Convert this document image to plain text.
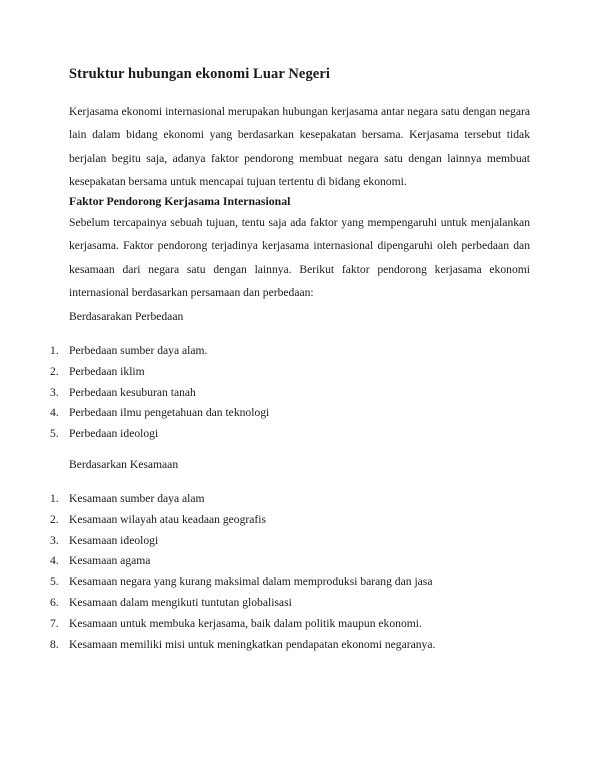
Struktur hubungan ekonomi Luar Negeri

Kerjasama ekonomi internasional merupakan hubungan kerjasama antar negara satu dengan negara lain dalam bidang ekonomi yang berdasarkan kesepakatan bersama. Kerjasama tersebut tidak berjalan begitu saja, adanya faktor pendorong membuat negara satu dengan lainnya membuat kesepakatan bersama untuk mencapai tujuan tertentu di bidang ekonomi.

Faktor Pendorong Kerjasama Internasional

Sebelum tercapainya sebuah tujuan, tentu saja ada faktor yang mempengaruhi untuk menjalankan kerjasama. Faktor pendorong terjadinya kerjasama internasional dipengaruhi oleh perbedaan dan kesamaan dari negara satu dengan lainnya. Berikut faktor pendorong kerjasama ekonomi internasional berdasarkan persamaan dan perbedaan:

Berdasarakan Perbedaan

1. Perbedaan sumber daya alam.
2. Perbedaan iklim
3. Perbedaan kesuburan tanah
4. Perbedaan ilmu pengetahuan dan teknologi
5. Perbedaan ideologi

Berdasarkan Kesamaan

1. Kesamaan sumber daya alam
2. Kesamaan wilayah atau keadaan geografis
3. Kesamaan ideologi
4. Kesamaan agama
5. Kesamaan negara yang kurang maksimal dalam memproduksi barang dan jasa
6. Kesamaan dalam mengikuti tuntutan globalisasi
7. Kesamaan untuk membuka kerjasama, baik dalam politik maupun ekonomi.
8. Kesamaan memiliki misi untuk meningkatkan pendapatan ekonomi negaranya.
